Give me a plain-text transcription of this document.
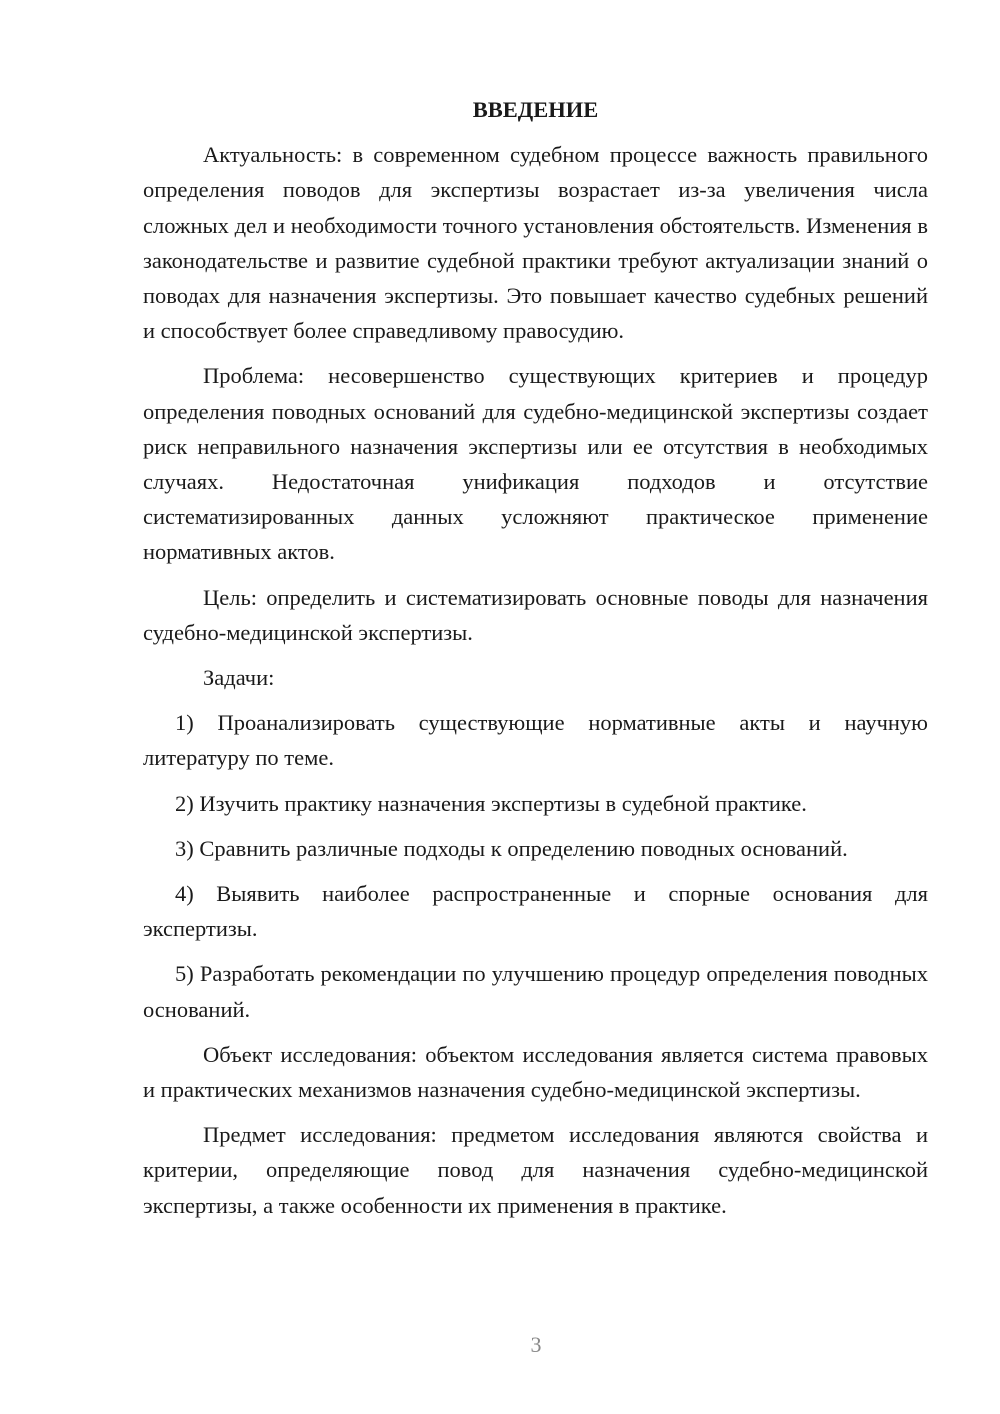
ВВЕДЕНИЕ

Актуальность: в современном судебном процессе важность правильного определения поводов для экспертизы возрастает из-за увеличения числа сложных дел и необходимости точного установления обстоятельств. Изменения в законодательстве и развитие судебной практики требуют актуализации знаний о поводах для назначения экспертизы. Это повышает качество судебных решений и способствует более справедливому правосудию.

Проблема: несовершенство существующих критериев и процедур определения поводных оснований для судебно-медицинской экспертизы создает риск неправильного назначения экспертизы или ее отсутствия в необходимых случаях. Недостаточная унификация подходов и отсутствие систематизированных данных усложняют практическое применение нормативных актов.

Цель: определить и систематизировать основные поводы для назначения судебно-медицинской экспертизы.

Задачи:

1) Проанализировать существующие нормативные акты и научную литературу по теме.

2) Изучить практику назначения экспертизы в судебной практике.

3) Сравнить различные подходы к определению поводных оснований.

4) Выявить наиболее распространенные и спорные основания для экспертизы.

5) Разработать рекомендации по улучшению процедур определения поводных оснований.

Объект исследования: объектом исследования является система правовых и практических механизмов назначения судебно-медицинской экспертизы.

Предмет исследования: предметом исследования являются свойства и критерии, определяющие повод для назначения судебно-медицинской экспертизы, а также особенности их применения в практике.

3
